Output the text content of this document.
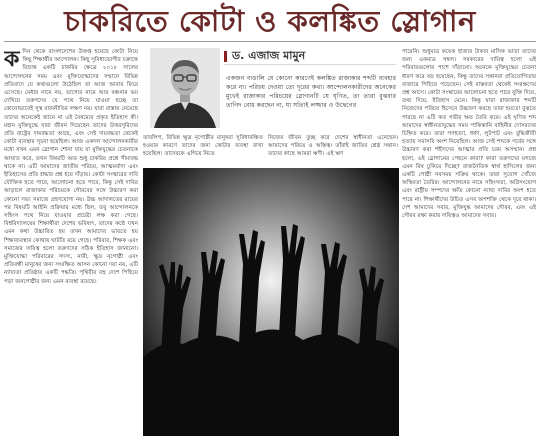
চাকরিতে কোটা ও কলঙ্কিত স্লোগান
ক দিন থেকে বাংলাদেশের উত্তপ্ত হয়েছে কোটা নিয়ে কিছু শিক্ষার্থীর আন্দোলন। কিছু সুবিধাভোগীর চক্রান্তে বিভ্রান্ত একটি চাকরির ক্ষেত্রে ২০১৮ সালের আন্দোলনের সময় এবং মুক্তিযোদ্ধাদের সম্মানে বিভিন্ন প্রতিবাদে যে কথাগুলো উঠেছিল তা আজ আবার ফিরে এসেছে। মেধার নামে নয়, ভাগ্যের নামে আর বঞ্চনার ভয় দেখিয়ে তরুণদের যে পথে নিয়ে যাওয়া হচ্ছে তা কোনোভাবেই সুস্থ রাজনীতির লক্ষণ নয়। যারা রাস্তায় নেমেছে তাদের অনেকেই জানে না এই বৈষম্যের প্রকৃত ইতিহাস কী। মহান মুক্তিযুদ্ধে যারা জীবন দিয়েছেন তাদের উত্তরসূরিদের প্রতি রাষ্ট্রের দায়বদ্ধতা আছে, এবং সেই দায়বদ্ধতা থেকেই কোটা ব্যবস্থার সূচনা হয়েছিল। আজ একদল আন্দোলনকারীর মধ্যে যখন এমন স্লোগান শোনা যায় যা মুক্তিযুদ্ধের চেতনাকে আঘাত করে, তখন বিষয়টি আর শুধু চাকরির প্রশ্নে সীমাবদ্ধ থাকে না। এটি আমাদের জাতীয় পরিচয়, আত্মমর্যাদা এবং ইতিহাসের প্রতি শ্রদ্ধার প্রশ্ন হয়ে দাঁড়ায়। কোটা সংস্কারের দাবি যৌক্তিক হতে পারে, আলোচনা হতে পারে, কিন্তু সেই দাবির আড়ালে রাজাকার পরিচয়কে গৌরবের সঙ্গে উচ্চারণ করা কোনো সভ্য সমাজে গ্রহণযোগ্য নয়। উচ্চ আদালতের রায়ের পর বিষয়টি আইনি প্রক্রিয়ার মধ্যে ছিল, তবু আন্দোলনকে সহিংস পথে নিয়ে যাওয়ার প্রচেষ্টা লক্ষ করা গেছে। বিশ্ববিদ্যালয়ের শিক্ষার্থীরা দেশের ভবিষ্যৎ, তাদের কণ্ঠে যখন এমন কথা উচ্চারিত হয় তখন আমাদের ভাবতে হয় শিক্ষাব্যবস্থার কোথায় ঘাটতি রয়ে গেছে। পরিবার, শিক্ষক এবং সমাজের দায়িত্ব হলো তরুণদের সঠিক ইতিহাস জানানো। মুক্তিযোদ্ধা পরিবারের সদস্য, নারী, ক্ষুদ্র নৃগোষ্ঠী এবং প্রতিবন্ধী মানুষের জন্য সংরক্ষিত আসন কোনো দয়া নয়, এটি ন্যায্যতা প্রতিষ্ঠার একটি পদ্ধতি। পৃথিবীর বহু দেশে পিছিয়ে পড়া জনগোষ্ঠীর জন্য এমন ব্যবস্থা রয়েছে।
ড. এজাজ মামুন
একজন বাঙালি যে কোনো কারণেই কলঙ্কিত রাজাকার শব্দটি ব্যবহার করে না। পরিচয় দেওয়া তো দূরের কথা। আন্দোলনকারীদের অনেকের মুখেই রাজাকার পরিচয়ের স্লোগানটি যে ঘৃণিত, তা তারা বুঝবার তাগিদ বোধ করছেন না, যা সত্যিই লজ্জার ও উদ্বেগের
তাবলিগ, বিভিন্ন ক্ষুদ্র নৃগোষ্ঠীর মানুষরা সুবিধাবঞ্চিত হওয়ার কারণে তাদের জন্য কোটার ব্যবস্থা রাখা হয়েছিল। তাদেরকে এগিয়ে নিতে
নিজের জীবন তুচ্ছ করে দেশের স্বাধীনতা এনেছেন। আমাদের পরিচয় ও অস্তিত্ব। তাঁরাই জাতির শ্রেষ্ঠ সন্তান। তাদের কাছে আমরা ঋণী। এই ঋণ
পারেনি। শুধুমাত্র কয়েক হাজার টাকার মাসিক ভাতা তাদের জন্য একমাত্র সম্বল। সরকারের দায়িত্ব হলো এই পরিবারগুলোর পাশে দাঁড়ানো। অনেকে মুক্তিযুদ্ধের চেতনা ধারণ করে বড় হয়েছেন, কিন্তু তাদের সন্তানরা প্রতিযোগিতার বাজারে পিছিয়ে পড়েছেন। সেই বাস্তবতা থেকেই সংরক্ষণের প্রশ্ন আসে। কোটা সংস্কারের আলোচনা হতে পারে যুক্তি দিয়ে, তথ্য দিয়ে, ইতিহাস মেনে। কিন্তু যারা রাজাকার শব্দটি নিজেদের পরিচয় হিসেবে উচ্চারণ করছে তারা হয়তো বুঝতে পারছে না এটি কত গভীর ক্ষত তৈরি করে। এই ঘৃণিত শব্দ আমাদের স্বাধীনতাযুদ্ধের সময় পাকিস্তানি বাহিনীর দোসরদের চিহ্নিত করে। তারা গণহত্যা, ধর্ষণ, লুটপাট এবং বুদ্ধিজীবী হত্যায় সরাসরি অংশ নিয়েছিল। আজ সেই শব্দকে গর্বের সঙ্গে উচ্চারণ করা শহীদদের আত্মার প্রতি চরম অসম্মান। প্রশ্ন হলো, এই স্লোগানের পেছনে কারা? কারা তরুণদের মগজে এমন বিষ ঢুকিয়ে দিচ্ছে? রাজনৈতিক স্বার্থ হাসিলের জন্য একটি গোষ্ঠী সবসময় সক্রিয় থাকে। তারা সুযোগ খোঁজে অস্থিরতা তৈরির। আন্দোলনের নামে সহিংসতা, অগ্নিসংযোগ এবং রাষ্ট্রীয় সম্পদের ক্ষতি কোনো ন্যায্য দাবির অংশ হতে পারে না। শিক্ষার্থীদের উচিত এসব অপশক্তি থেকে দূরে থাকা। দেশ আমাদের সবার, মুক্তিযুদ্ধ আমাদের গৌরব, এবং এই গৌরব রক্ষা করার দায়িত্বও আমাদের সবার।
